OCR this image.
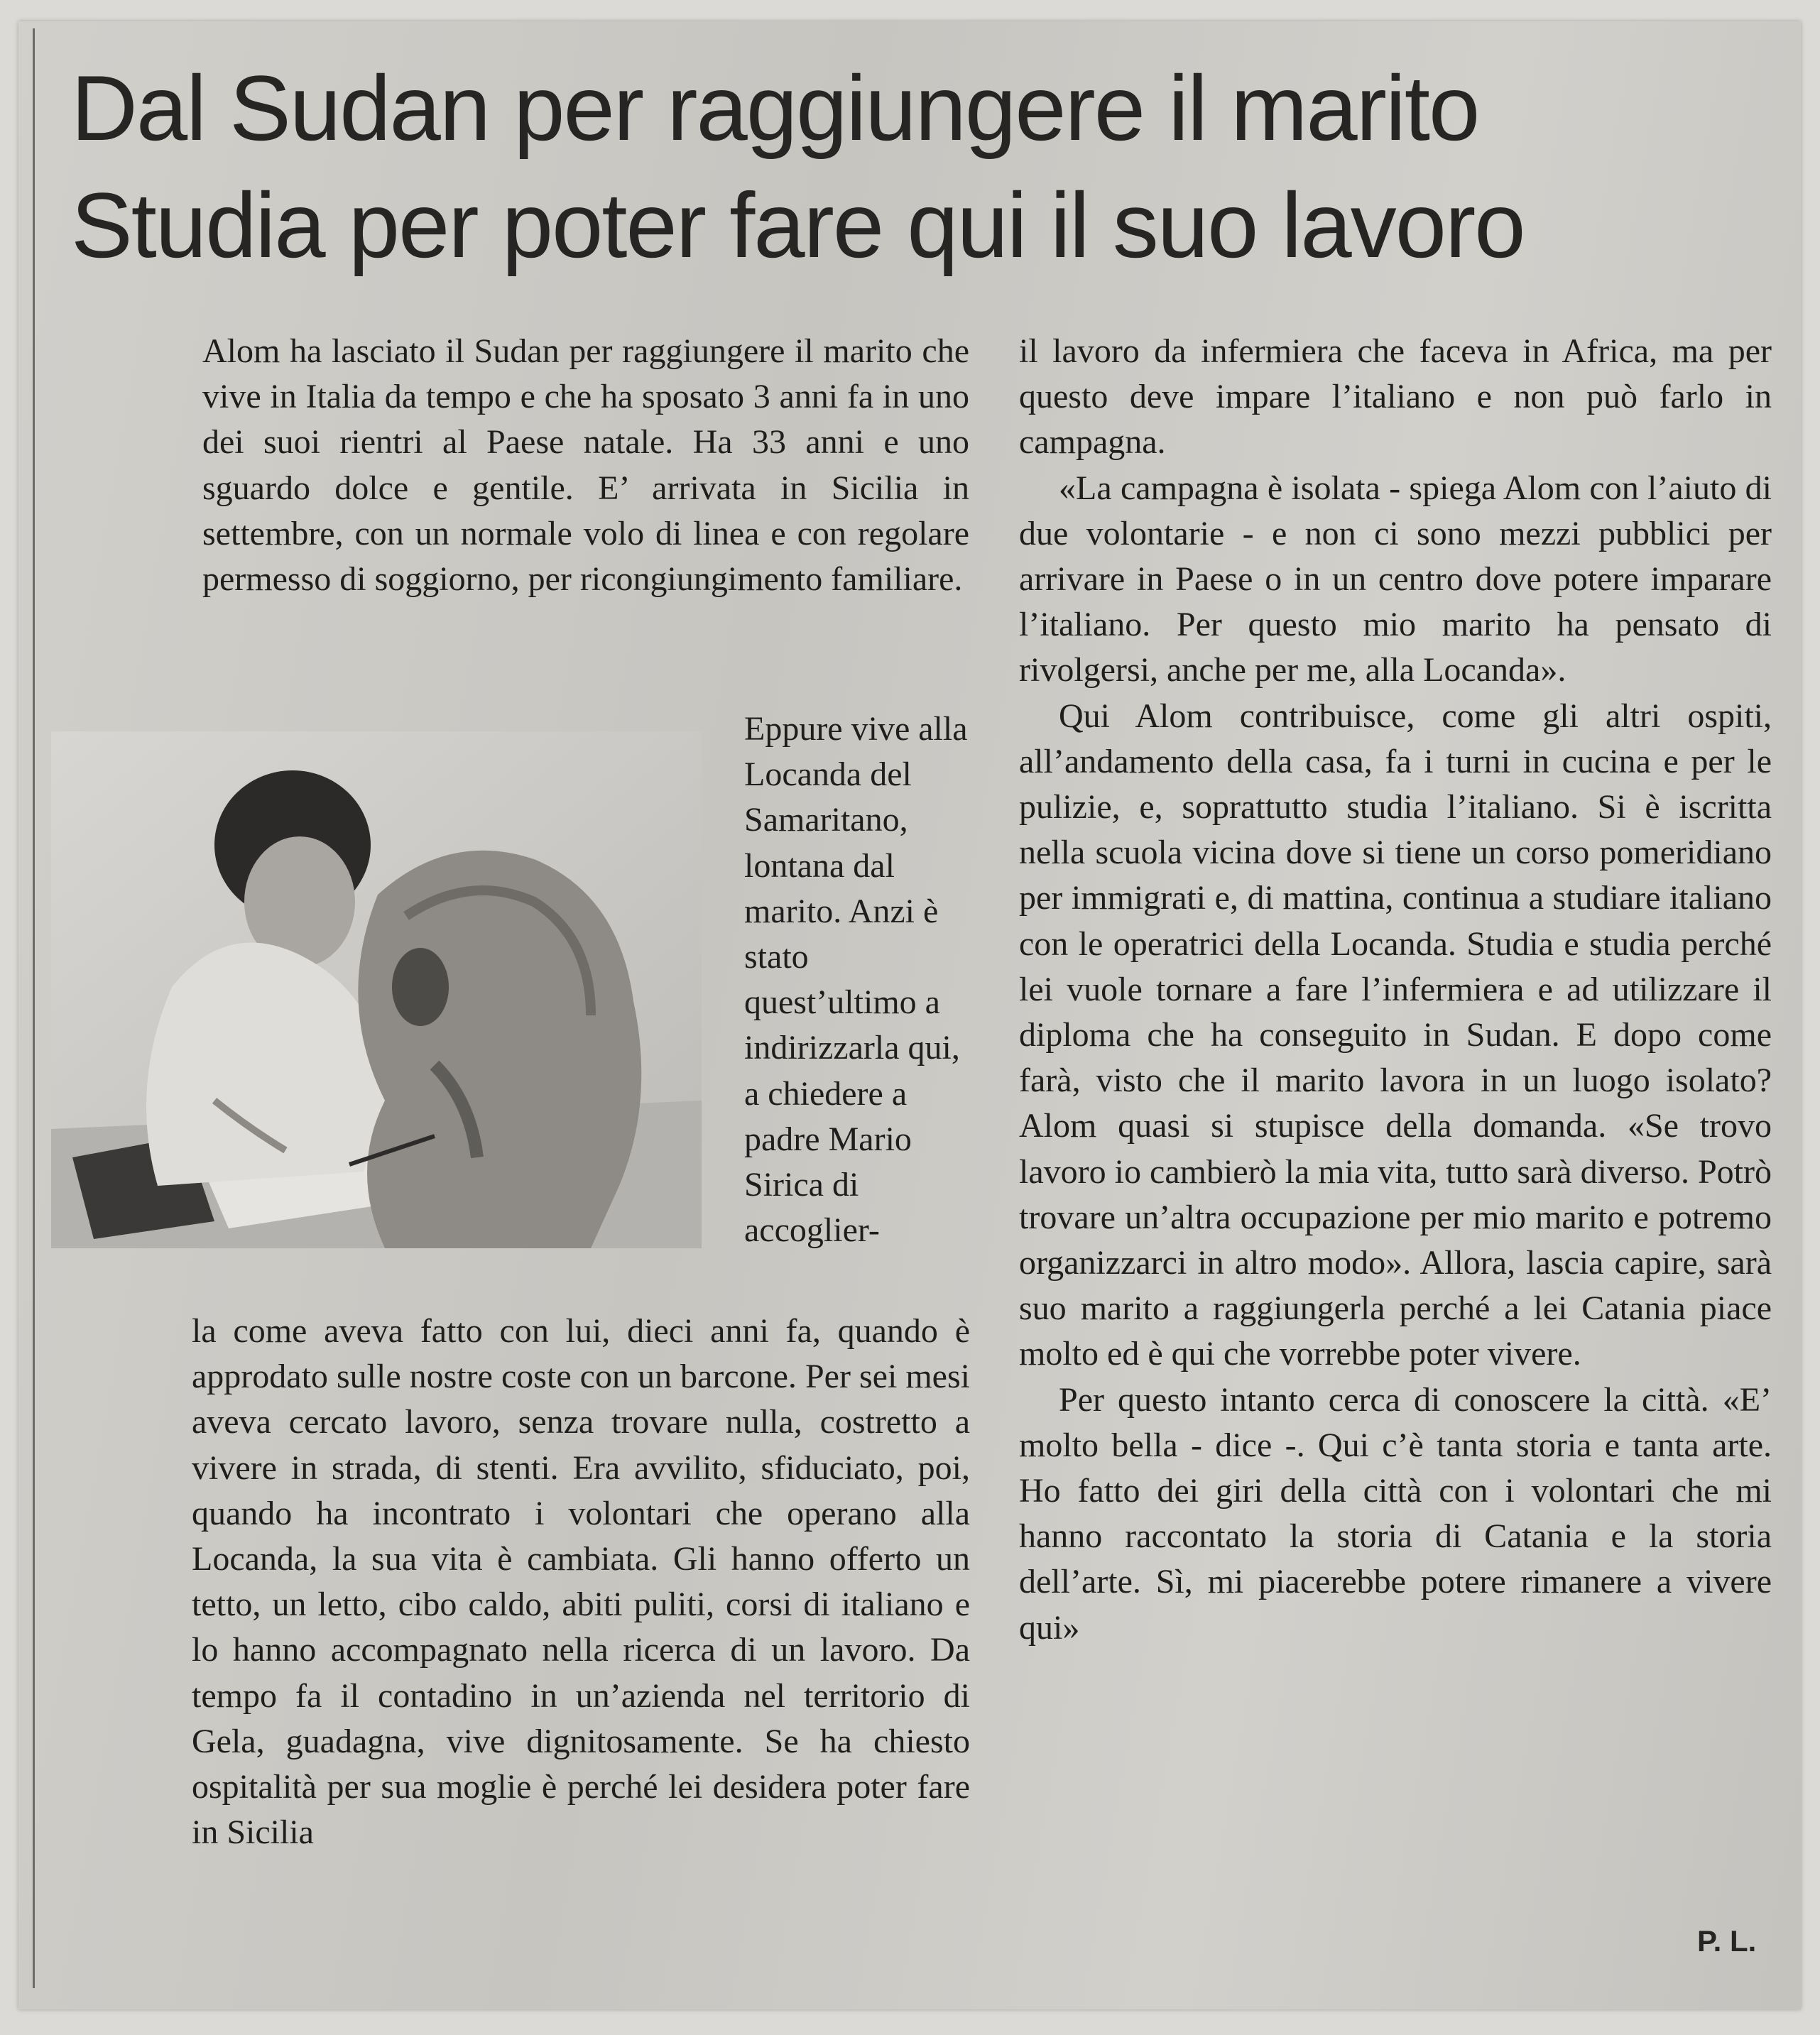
Dal Sudan per raggiungere il marito
Studia per poter fare qui il suo lavoro

Alom ha lasciato il Sudan per raggiungere il marito che vive in Italia da tempo e che ha sposato 3 anni fa in uno dei suoi rientri al Paese natale. Ha 33 anni e uno sguardo dolce e gentile. E’ arrivata in Sicilia in settembre, con un normale volo di linea e con regolare permesso di soggiorno, per ricongiungimento familiare.

Eppure vive alla Locanda del Samaritano, lontana dal marito. Anzi è stato quest’ultimo a indirizzarla qui, a chiedere a padre Mario Sirica di accoglier-

la come aveva fatto con lui, dieci anni fa, quando è approdato sulle nostre coste con un barcone. Per sei mesi aveva cercato lavoro, senza trovare nulla, costretto a vivere in strada, di stenti. Era avvilito, sfiduciato, poi, quando ha incontrato i volontari che operano alla Locanda, la sua vita è cambiata. Gli hanno offerto un tetto, un letto, cibo caldo, abiti puliti, corsi di italiano e lo hanno accompagnato nella ricerca di un lavoro. Da tempo fa il contadino in un’azienda nel territorio di Gela, guadagna, vive dignitosamente. Se ha chiesto ospitalità per sua moglie è perché lei desidera poter fare in Sicilia

il lavoro da infermiera che faceva in Africa, ma per questo deve impare l’italiano e non può farlo in campagna.

«La campagna è isolata - spiega Alom con l’aiuto di due volontarie - e non ci sono mezzi pubblici per arrivare in Paese o in un centro dove potere imparare l’italiano. Per questo mio marito ha pensato di rivolgersi, anche per me, alla Locanda».

Qui Alom contribuisce, come gli altri ospiti, all’andamento della casa, fa i turni in cucina e per le pulizie, e, soprattutto studia l’italiano. Si è iscritta nella scuola vicina dove si tiene un corso pomeridiano per immigrati e, di mattina, continua a studiare italiano con le operatrici della Locanda. Studia e studia perché lei vuole tornare a fare l’infermiera e ad utilizzare il diploma che ha conseguito in Sudan. E dopo come farà, visto che il marito lavora in un luogo isolato? Alom quasi si stupisce della domanda. «Se trovo lavoro io cambierò la mia vita, tutto sarà diverso. Potrò trovare un’altra occupazione per mio marito e potremo organizzarci in altro modo». Allora, lascia capire, sarà suo marito a raggiungerla perché a lei Catania piace molto ed è qui che vorrebbe poter vivere.

Per questo intanto cerca di conoscere la città. «E’ molto bella - dice -. Qui c’è tanta storia e tanta arte. Ho fatto dei giri della città con i volontari che mi hanno raccontato la storia di Catania e la storia dell’arte. Sì, mi piacerebbe potere rimanere a vivere qui»

P. L.
